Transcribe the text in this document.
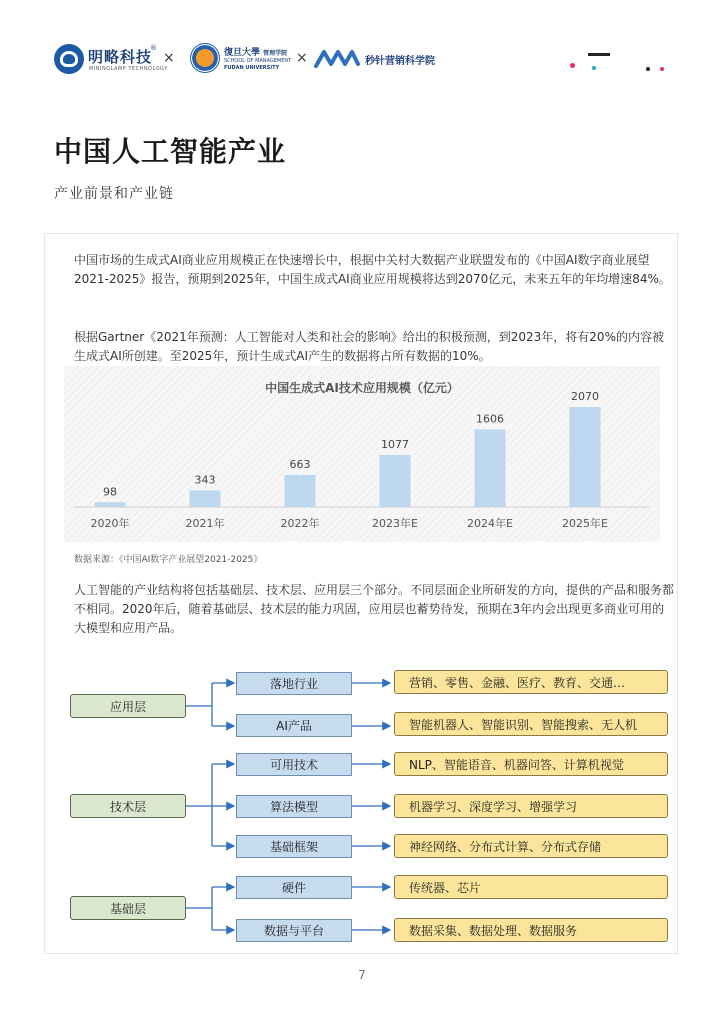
明略科技
®
MININGLAMP TECHNOLOGY
×	復旦大學 管理学院
SCHOOL OF MANAGEMENT
FUDAN UNIVERSITY
×	秒针营销科学院
中国人工智能产业
产业前景和产业链
中国市场的生成式AI商业应用规模正在快速增长中，根据中关村大数据产业联盟发布的《中国AI数字商业展望2021-2025》报告，预期到2025年，中国生成式AI商业应用规模将达到2070亿元，未来五年的年均增速84%。
根据Gartner《2021年预测：人工智能对人类和社会的影响》给出的积极预测，到2023年，将有20%的内容被生成式AI所创建。至2025年，预计生成式AI产生的数据将占所有数据的10%。
中国生成式AI技术应用规模（亿元）
98
2020年
343
2021年
663
2022年
1077
2023年E
1606
2024年E
2070
2025年E
数据来源：《中国AI数字产业展望2021-2025》
人工智能的产业结构将包括基础层、技术层、应用层三个部分。不同层面企业所研发的方向，提供的产品和服务都不相同。2020年后，随着基础层、技术层的能力巩固，应用层也蓄势待发，预期在3年内会出现更多商业可用的大模型和应用产品。
应用层
技术层
基础层
落地行业
AI产品
可用技术
算法模型
基础框架
硬件
数据与平台
营销、零售、金融、医疗、教育、交通…
智能机器人、智能识别、智能搜索、无人机
NLP、智能语音、机器问答、计算机视觉
机器学习、深度学习、增强学习
神经网络、分布式计算、分布式存储
传统器、芯片
数据采集、数据处理、数据服务
7
